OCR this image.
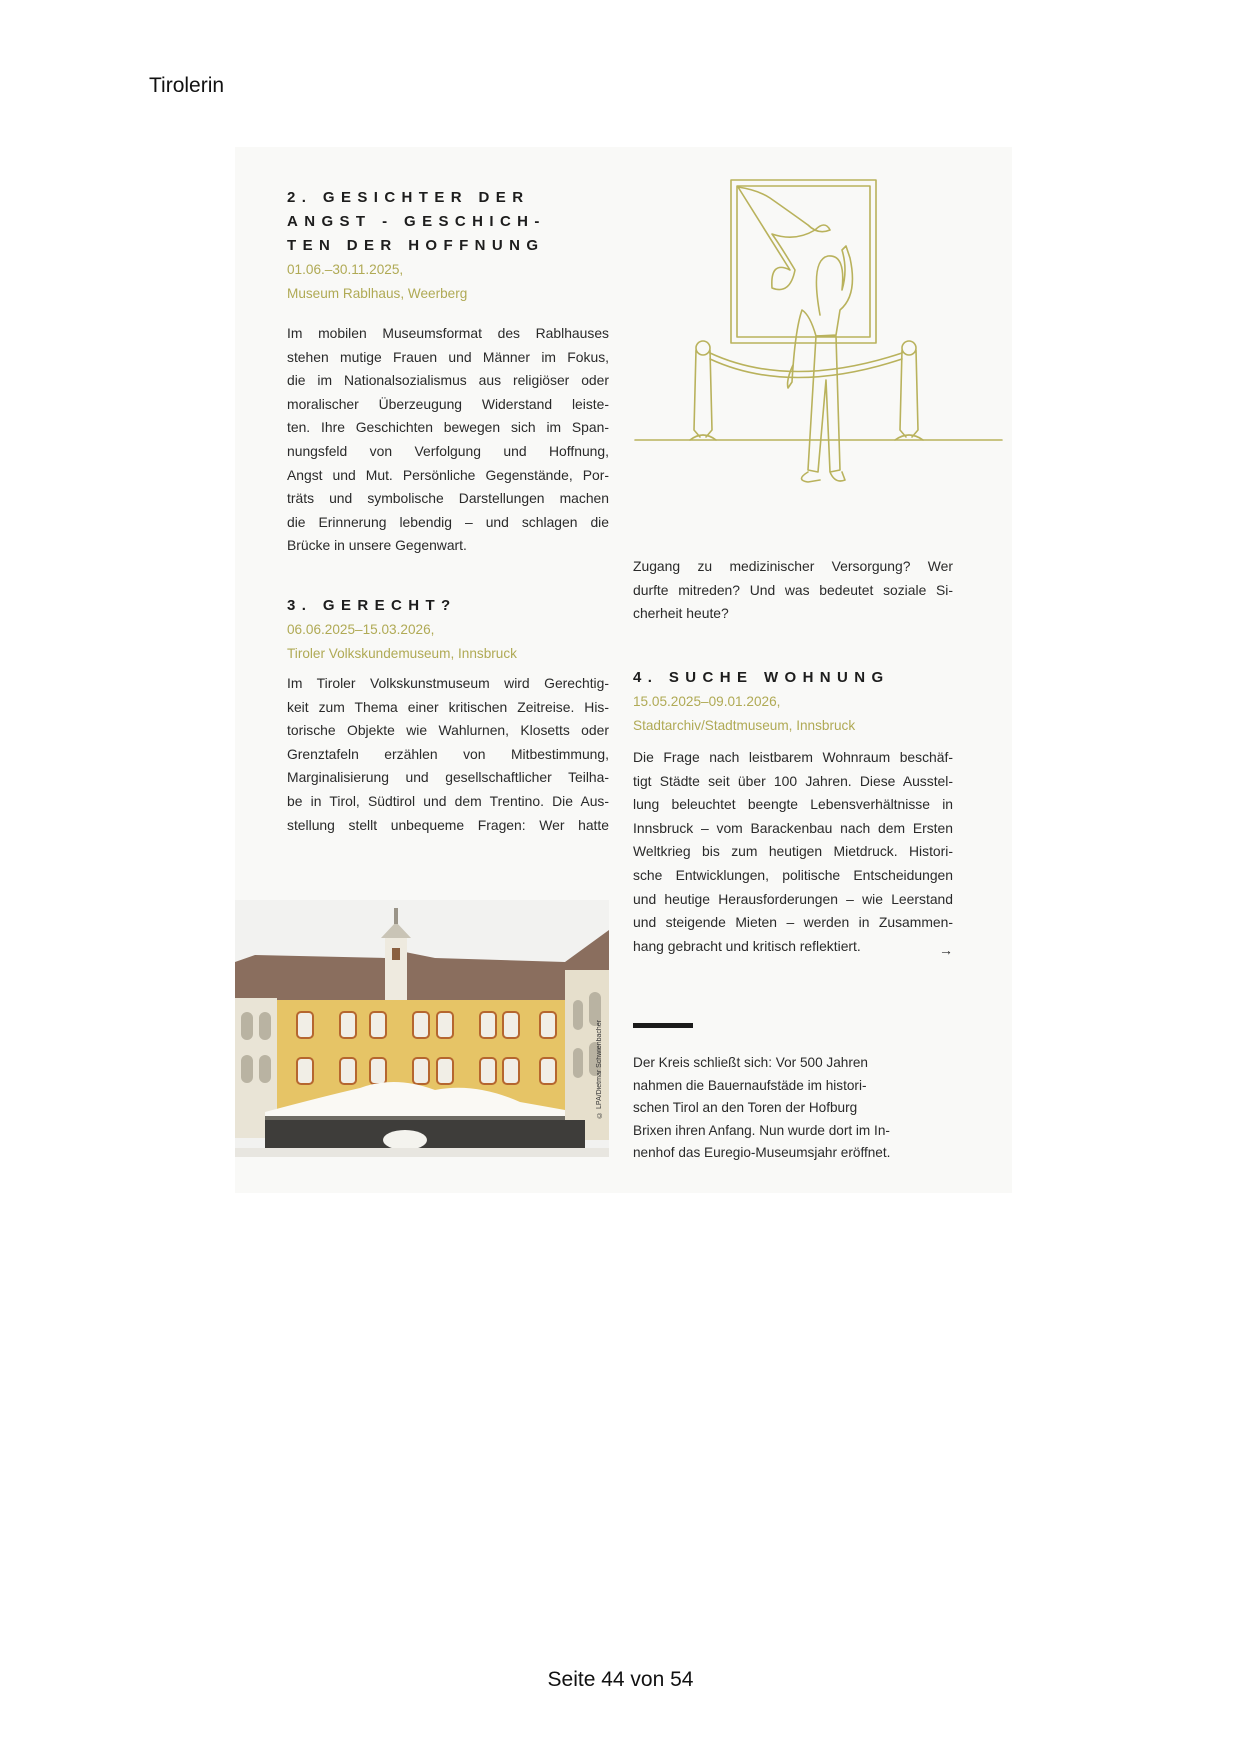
Tirolerin
2. GESICHTER DER
ANGST - GESCHICH-
TEN DER HOFFNUNG
01.06.–30.11.2025,
Museum Rablhaus, Weerberg
Im mobilen Museumsformat des Rablhauses
stehen mutige Frauen und Männer im Fokus,
die im Nationalsozialismus aus religiöser oder
moralischer Überzeugung Widerstand leiste-
ten. Ihre Geschichten bewegen sich im Span-
nungsfeld von Verfolgung und Hoffnung,
Angst und Mut. Persönliche Gegenstände, Por-
träts und symbolische Darstellungen machen
die Erinnerung lebendig – und schlagen die
Brücke in unsere Gegenwart.
3. GERECHT?
06.06.2025–15.03.2026,
Tiroler Volkskundemuseum, Innsbruck
Im Tiroler Volkskunstmuseum wird Gerechtig-
keit zum Thema einer kritischen Zeitreise. His-
torische Objekte wie Wahlurnen, Klosetts oder
Grenztafeln erzählen von Mitbestimmung,
Marginalisierung und gesellschaftlicher Teilha-
be in Tirol, Südtirol und dem Trentino. Die Aus-
stellung stellt unbequeme Fragen: Wer hatte
© LPA/Dietmar Schwienbacher
Zugang zu medizinischer Versorgung? Wer
durfte mitreden? Und was bedeutet soziale Si-
cherheit heute?
4. SUCHE WOHNUNG
15.05.2025–09.01.2026,
Stadtarchiv/Stadtmuseum, Innsbruck
Die Frage nach leistbarem Wohnraum beschäf-
tigt Städte seit über 100 Jahren. Diese Ausstel-
lung beleuchtet beengte Lebensverhältnisse in
Innsbruck – vom Barackenbau nach dem Ersten
Weltkrieg bis zum heutigen Mietdruck. Histori-
sche Entwicklungen, politische Entscheidungen
und heutige Herausforderungen – wie Leerstand
und steigende Mieten – werden in Zusammen-
hang gebracht und kritisch reflektiert.	→
Der Kreis schließt sich: Vor 500 Jahren
nahmen die Bauernaufstäde im histori-
schen Tirol an den Toren der Hofburg
Brixen ihren Anfang. Nun wurde dort im In-
nenhof das Euregio-Museumsjahr eröffnet.
Seite 44 von 54
